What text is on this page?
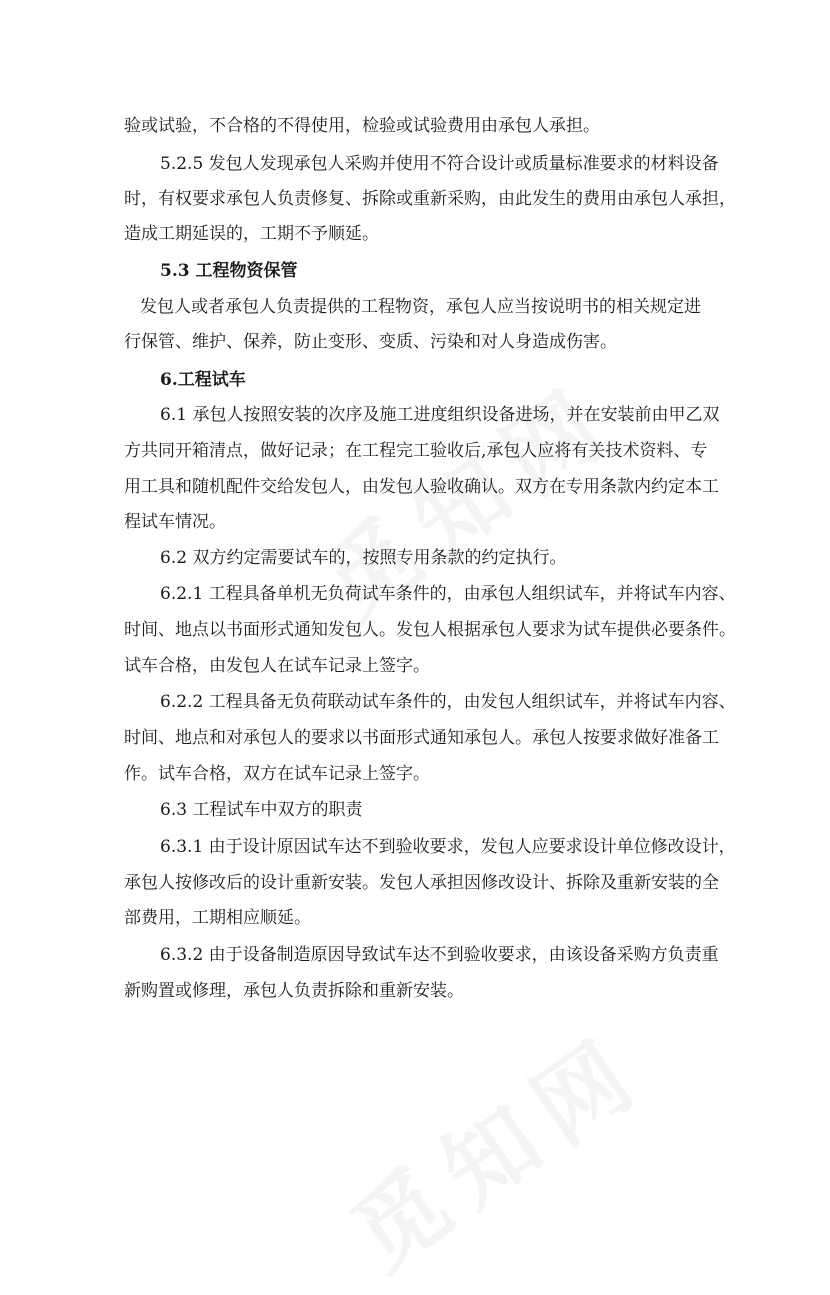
验或试验，不合格的不得使用，检验或试验费用由承包人承担。
5.2.5 发包人发现承包人采购并使用不符合设计或质量标准要求的材料设备
时，有权要求承包人负责修复、拆除或重新采购，由此发生的费用由承包人承担，
造成工期延误的，工期不予顺延。
5.3 工程物资保管
发包人或者承包人负责提供的工程物资，承包人应当按说明书的相关规定进
行保管、维护、保养，防止变形、变质、污染和对人身造成伤害。
6.工程试车
6.1 承包人按照安装的次序及施工进度组织设备进场，并在安装前由甲乙双
方共同开箱清点，做好记录；在工程完工验收后,承包人应将有关技术资料、专
用工具和随机配件交给发包人，由发包人验收确认。双方在专用条款内约定本工
程试车情况。
6.2 双方约定需要试车的，按照专用条款的约定执行。
6.2.1 工程具备单机无负荷试车条件的，由承包人组织试车，并将试车内容、
时间、地点以书面形式通知发包人。发包人根据承包人要求为试车提供必要条件。
试车合格，由发包人在试车记录上签字。
6.2.2 工程具备无负荷联动试车条件的，由发包人组织试车，并将试车内容、
时间、地点和对承包人的要求以书面形式通知承包人。承包人按要求做好准备工
作。试车合格，双方在试车记录上签字。
6.3 工程试车中双方的职责
6.3.1 由于设计原因试车达不到验收要求，发包人应要求设计单位修改设计，
承包人按修改后的设计重新安装。发包人承担因修改设计、拆除及重新安装的全
部费用，工期相应顺延。
6.3.2 由于设备制造原因导致试车达不到验收要求，由该设备采购方负责重
新购置或修理，承包人负责拆除和重新安装。
